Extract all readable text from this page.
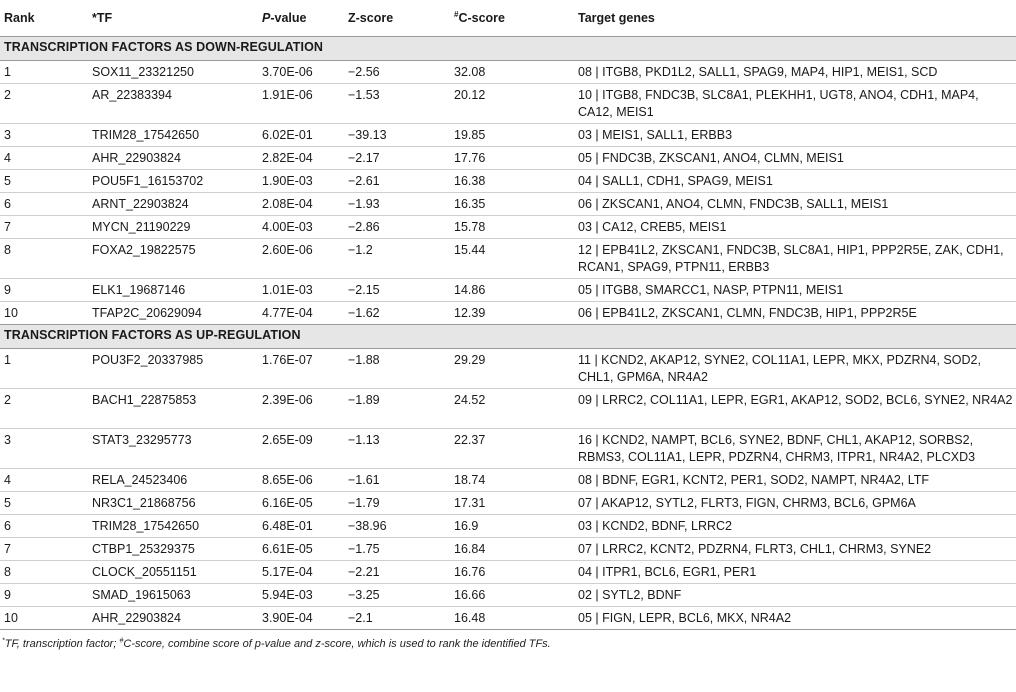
Rank	*TF	P-value	Z-score	#C-score	Target genes
TRANSCRIPTION FACTORS AS DOWN-REGULATION					
1	SOX11_23321250	3.70E-06	−2.56	32.08	08 | ITGB8, PKD1L2, SALL1, SPAG9, MAP4, HIP1, MEIS1, SCD
2	AR_22383394	1.91E-06	−1.53	20.12	10 | ITGB8, FNDC3B, SLC8A1, PLEKHH1, UGT8, ANO4, CDH1, MAP4, CA12, MEIS1
3	TRIM28_17542650	6.02E-01	−39.13	19.85	03 | MEIS1, SALL1, ERBB3
4	AHR_22903824	2.82E-04	−2.17	17.76	05 | FNDC3B, ZKSCAN1, ANO4, CLMN, MEIS1
5	POU5F1_16153702	1.90E-03	−2.61	16.38	04 | SALL1, CDH1, SPAG9, MEIS1
6	ARNT_22903824	2.08E-04	−1.93	16.35	06 | ZKSCAN1, ANO4, CLMN, FNDC3B, SALL1, MEIS1
7	MYCN_21190229	4.00E-03	−2.86	15.78	03 | CA12, CREB5, MEIS1
8	FOXA2_19822575	2.60E-06	−1.2	15.44	12 | EPB41L2, ZKSCAN1, FNDC3B, SLC8A1, HIP1, PPP2R5E, ZAK, CDH1, RCAN1, SPAG9, PTPN11, ERBB3
9	ELK1_19687146	1.01E-03	−2.15	14.86	05 | ITGB8, SMARCC1, NASP, PTPN11, MEIS1
10	TFAP2C_20629094	4.77E-04	−1.62	12.39	06 | EPB41L2, ZKSCAN1, CLMN, FNDC3B, HIP1, PPP2R5E
TRANSCRIPTION FACTORS AS UP-REGULATION					
1	POU3F2_20337985	1.76E-07	−1.88	29.29	11 | KCND2, AKAP12, SYNE2, COL11A1, LEPR, MKX, PDZRN4, SOD2, CHL1, GPM6A, NR4A2
2	BACH1_22875853	2.39E-06	−1.89	24.52	09 | LRRC2, COL11A1, LEPR, EGR1, AKAP12, SOD2, BCL6, SYNE2, NR4A2
3	STAT3_23295773	2.65E-09	−1.13	22.37	16 | KCND2, NAMPT, BCL6, SYNE2, BDNF, CHL1, AKAP12, SORBS2, RBMS3, COL11A1, LEPR, PDZRN4, CHRM3, ITPR1, NR4A2, PLCXD3
4	RELA_24523406	8.65E-06	−1.61	18.74	08 | BDNF, EGR1, KCNT2, PER1, SOD2, NAMPT, NR4A2, LTF
5	NR3C1_21868756	6.16E-05	−1.79	17.31	07 | AKAP12, SYTL2, FLRT3, FIGN, CHRM3, BCL6, GPM6A
6	TRIM28_17542650	6.48E-01	−38.96	16.9	03 | KCND2, BDNF, LRRC2
7	CTBP1_25329375	6.61E-05	−1.75	16.84	07 | LRRC2, KCNT2, PDZRN4, FLRT3, CHL1, CHRM3, SYNE2
8	CLOCK_20551151	5.17E-04	−2.21	16.76	04 | ITPR1, BCL6, EGR1, PER1
9	SMAD_19615063	5.94E-03	−3.25	16.66	02 | SYTL2, BDNF
10	AHR_22903824	3.90E-04	−2.1	16.48	05 | FIGN, LEPR, BCL6, MKX, NR4A2

*TF, transcription factor; #C-score, combine score of p-value and z-score, which is used to rank the identified TFs.
